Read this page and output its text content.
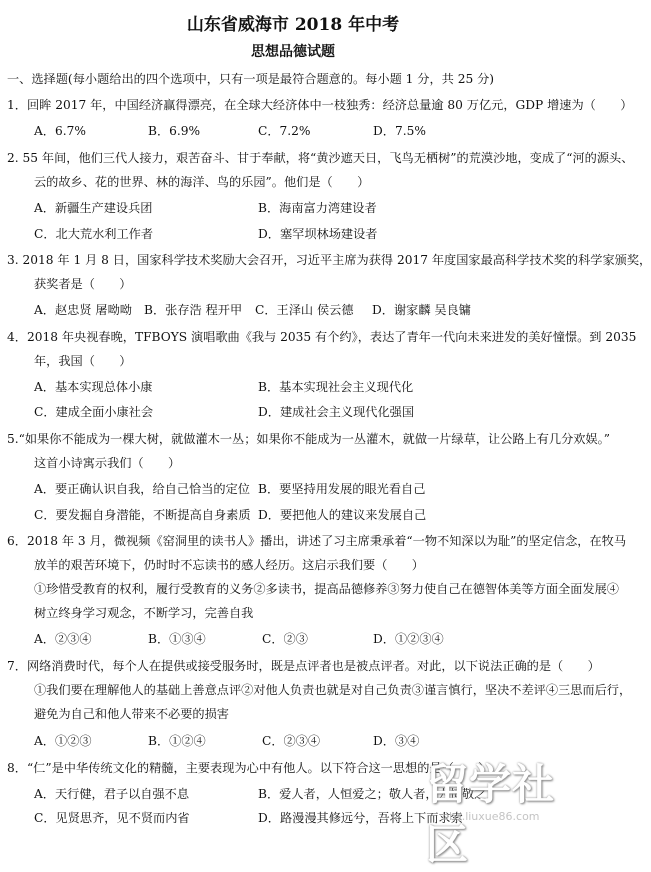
山东省威海市 2018 年中考
思想品德试题
一、选择题(每小题给出的四个选项中，只有一项是最符合题意的。每小题 1 分，共 25 分)
1．回眸 2017 年，中国经济赢得漂亮，在全球大经济体中一枝独秀：经济总量逾 80 万亿元，GDP 增速为（　　）
A．6.7%	B．6.9%	C．7.2%	D．7.5%
2. 55 年间，他们三代人接力，艰苦奋斗、甘于奉献，将“黄沙遮天日，飞鸟无栖树”的荒漠沙地，变成了“河的源头、
云的故乡、花的世界、林的海洋、鸟的乐园”。他们是（　　）
A．新疆生产建设兵团	B．海南富力湾建设者
C．北大荒水利工作者	D．塞罕坝林场建设者
3. 2018 年 1 月 8 日，国家科学技术奖励大会召开，习近平主席为获得 2017 年度国家最高科学技术奖的科学家颁奖，
获奖者是（　　）
A．赵忠贤 屠呦呦 B．张存浩 程开甲 C．王泽山 侯云德 D．谢家麟 吴良镛
4．2018 年央视春晚，TFBOYS 演唱歌曲《我与 2035 有个约》，表达了青年一代向未来进发的美好憧憬。到 2035
年，我国（　　）
A．基本实现总体小康	B．基本实现社会主义现代化
C．建成全面小康社会	D．建成社会主义现代化强国
5.“如果你不能成为一棵大树，就做灌木一丛；如果你不能成为一丛灌木，就做一片绿草，让公路上有几分欢娱。”
这首小诗寓示我们（　　）
A．要正确认识自我，给自己恰当的定位 B．要坚持用发展的眼光看自己
C．要发掘自身潜能，不断提高自身素质 D．要把他人的建议来发展自己
6．2018 年 3 月，微视频《窑洞里的读书人》播出，讲述了习主席秉承着“一物不知深以为耻”的坚定信念，在牧马
放羊的艰苦环境下，仍时时不忘读书的感人经历。这启示我们要（　　）
①珍惜受教育的权利，履行受教育的义务②多读书，提高品德修养③努力使自己在德智体美等方面全面发展④
树立终身学习观念，不断学习，完善自我
A．②③④	B．①③④	C．②③	D．①②③④
7．网络消费时代，每个人在提供或接受服务时，既是点评者也是被点评者。对此，以下说法正确的是（　　）
①我们要在理解他人的基础上善意点评②对他人负责也就是对自己负责③谨言慎行，坚决不差评④三思而后行，
避免为自己和他人带来不必要的损害
A．①②③	B．①②④	C．②③④	D．③④
8．“仁”是中华传统文化的精髓，主要表现为心中有他人。以下符合这一思想的是（　　）
A．天行健，君子以自强不息	B．爱人者，人恒爱之；敬人者，人恒敬之
C．见贤思齐，见不贤而内省	D．路漫漫其修远兮，吾将上下而求索
留学社区
bbs.liuxue86.com
